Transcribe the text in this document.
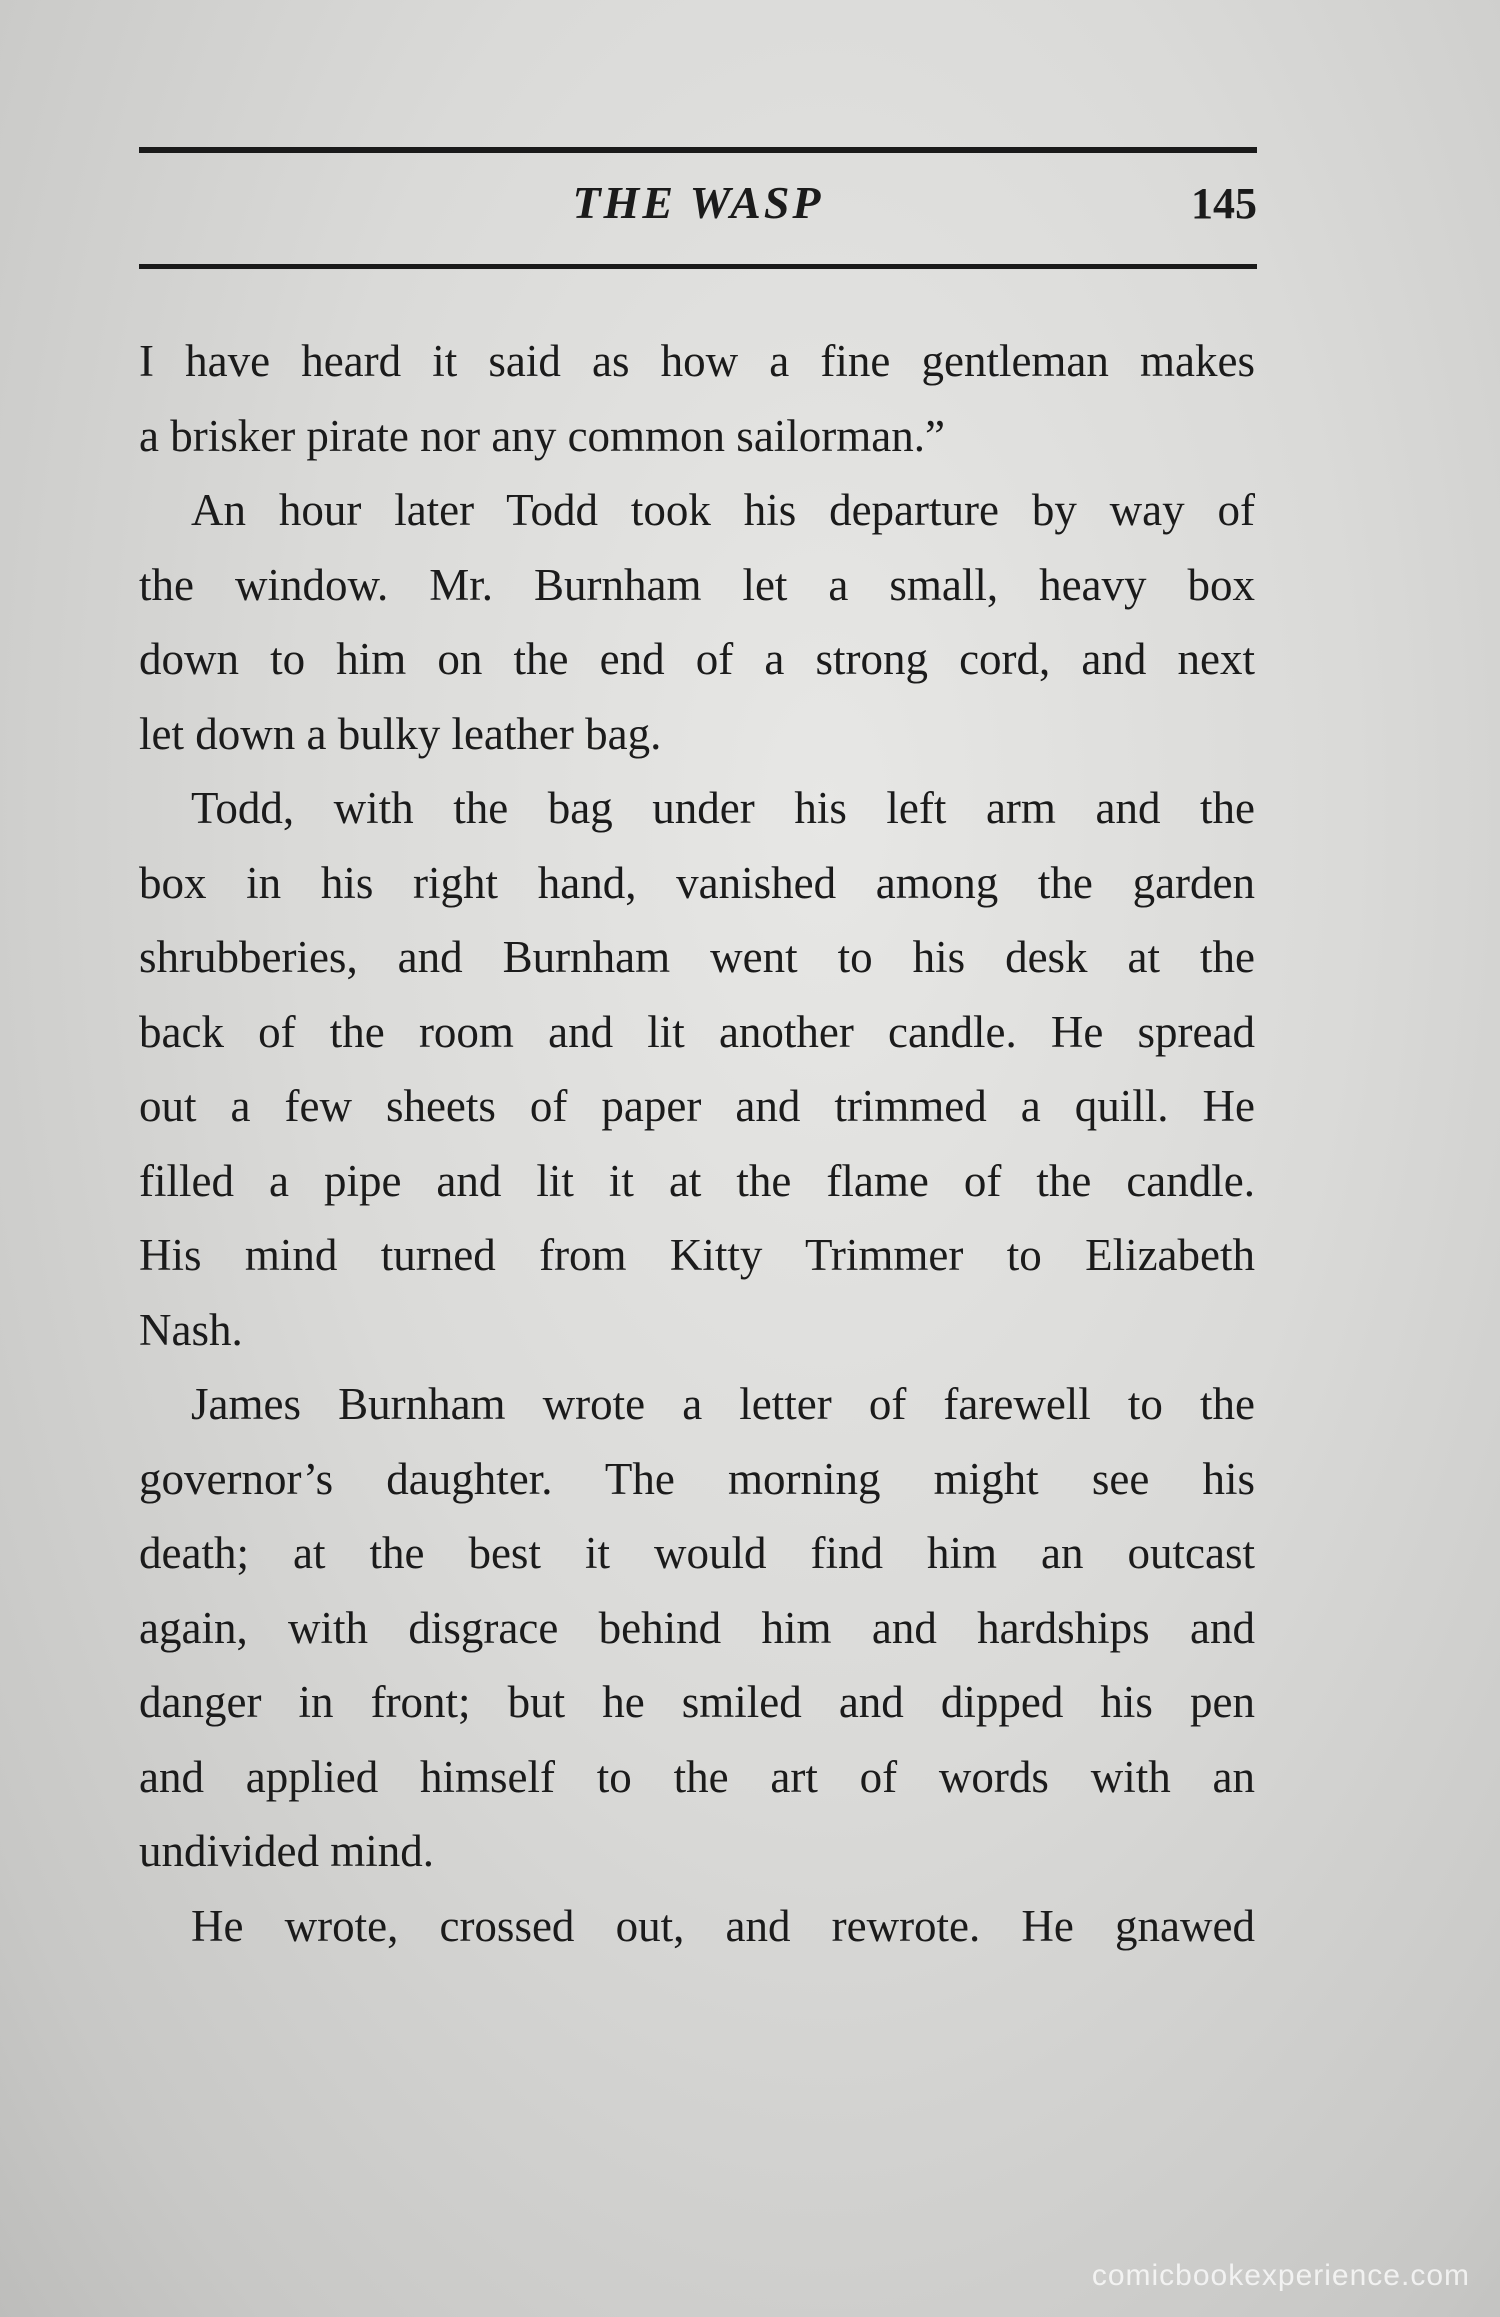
THE WASP	145
I have heard it said as how a fine gentleman makes
a brisker pirate nor any common sailorman.”
An hour later Todd took his departure by way of
the window. Mr. Burnham let a small, heavy box
down to him on the end of a strong cord, and next
let down a bulky leather bag.
Todd, with the bag under his left arm and the
box in his right hand, vanished among the garden
shrubberies, and Burnham went to his desk at the
back of the room and lit another candle. He spread
out a few sheets of paper and trimmed a quill. He
filled a pipe and lit it at the flame of the candle.
His mind turned from Kitty Trimmer to Elizabeth
Nash.
James Burnham wrote a letter of farewell to the
governor’s daughter. The morning might see his
death; at the best it would find him an outcast
again, with disgrace behind him and hardships and
danger in front; but he smiled and dipped his pen
and applied himself to the art of words with an
undivided mind.
He wrote, crossed out, and rewrote. He gnawed
comicbookexperience.com
